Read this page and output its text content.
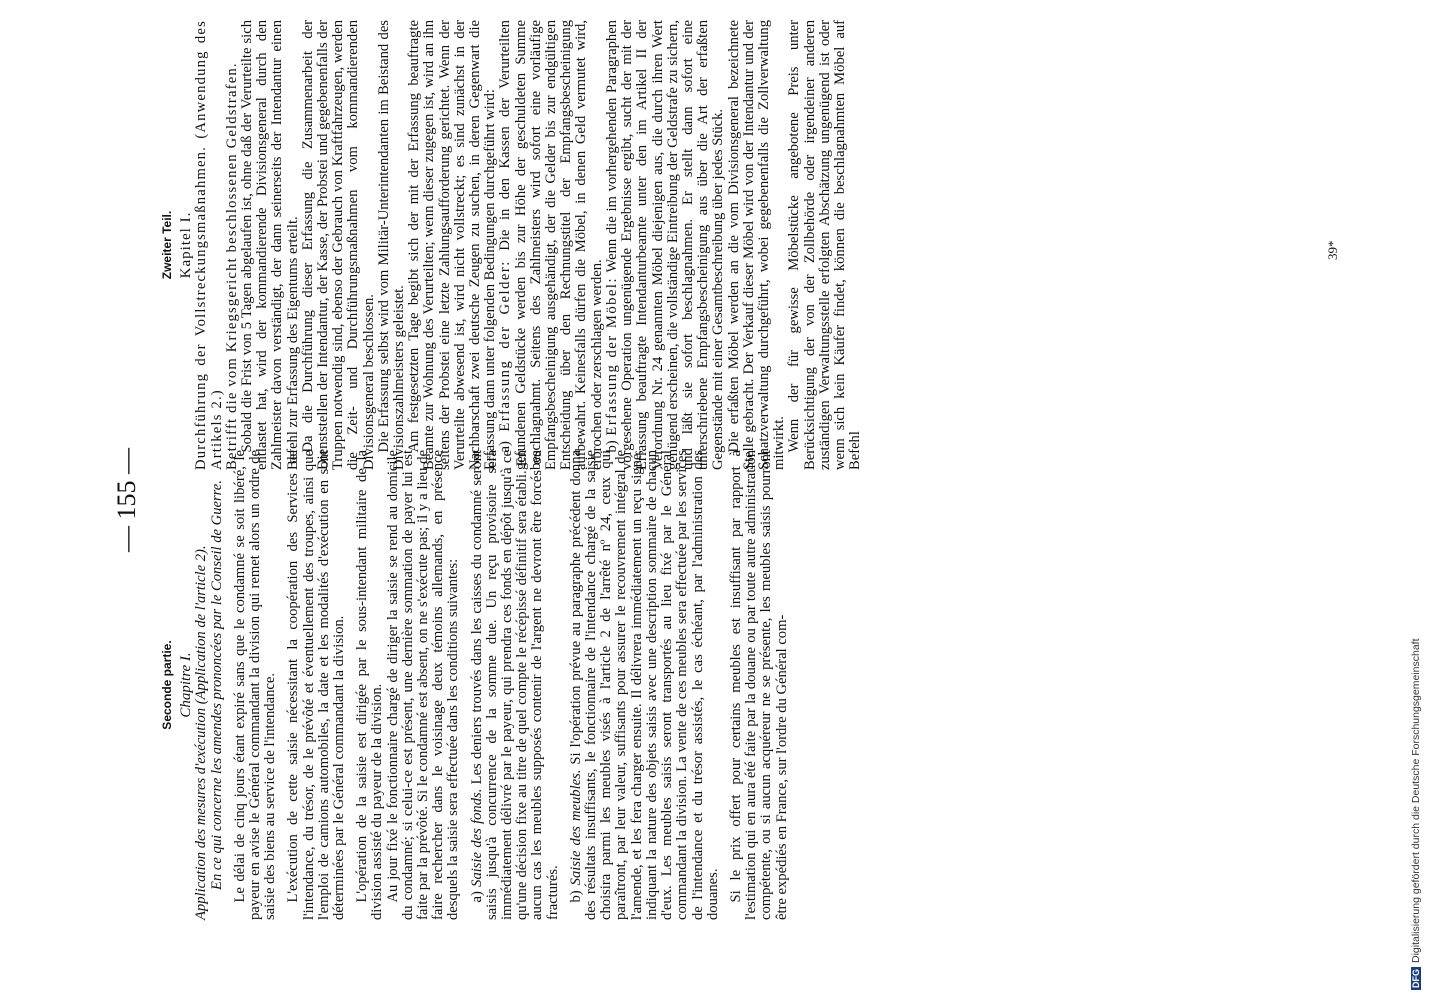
— 155 —
Seconde partie. Chapitre I. Application des mesures d'exécution (Application de l'article 2). En ce qui concerne les amendes prononcées par le Conseil de Guerre. Le délai de cinq jours étant expiré sans que le condamné se soit libéré, le payeur en avise le Général commandant la division qui remet alors un ordre de saisie des biens au service de l'intendance. L'exécution de cette saisie nécessitant la coopération des Services de l'intendance, du trésor, de le prévôté et éventuellement des troupes, ainsi que l'emploi de camions automobiles, la date et les modalités d'exécution en sont déterminées par le Général commandant la division. L'opération de la saisie est dirigée par le sous-intendant militaire de la division assisté du payeur de la division. Au jour fixé le fonctionnaire chargé de diriger la saisie se rend au domicile du condamné; si celui-ce est présent, une dernière sommation de payer lui est faite par la prévôté. Si le condamné est absent, on ne s'exécute pas; il y a lieu de faire rechercher dans le voisinage deux témoins allemands, en présence desquels la saisie sera effectuée dans les conditions suivantes: a) Saisie des fonds. Les deniers trouvés dans les caisses du condamné seront saisis jusqu'à concurrence de la somme due. Un reçu provisoire sera immédiatement délivré par le payeur, qui prendra ces fonds en dépôt jusqu'à ce qu'une décision fixe au titre de quel compte le récépissé définitif sera établi. En aucun cas les meubles supposés contenir de l'argent ne devront être forcés ou fracturés. b) Saisie des meubles. Si l'opération prévue au paragraphe précédent donna des résultats insuffisants, le fonctionnaire de l'intendance chargé de la saisie choisira parmi les meubles visés à l'article 2 de l'arrêté nº 24, ceux qui paraîtront, par leur valeur, suffisants pour assurer le recouvrement intégral de l'amende, et les fera charger ensuite. Il délivrera immédiatement un reçu signé, indiquant la nature des objets saisis avec une description sommaire de chacun d'eux. Les meubles saisis seront transportés au lieu fixé par le Général commandant la division. La vente de ces meubles sera effectuée par les services de l'intendance et du trésor assistés, le cas échéant, par l'administration des douanes. Si le prix offert pour certains meubles est insuffisant par rapport à l'estimation qui en aura été faite par la douane ou par toute autre administration compétente, ou si aucun acquéreur ne se présente, les meubles saisis pourront être expédiés en France, sur l'ordre du Général com-

Zweiter Teil. Kapitel I. Durchführung der Vollstreckungsmaßnahmen. (Anwendung des Artikels 2.) Betrifft die vom Kriegsgericht beschlossenen Geldstrafen. Sobald die Frist von 5 Tagen abgelaufen ist, ohne daß der Verurteilte sich entlastet hat, wird der kommandierende Divisionsgeneral durch den Zahlmeister davon verständigt, der dann seinerseits der Intendantur einen Befehl zur Erfassung des Eigentums erteilt. Da die Durchführung dieser Erfassung die Zusammenarbeit der Dienststellen der Intendantur, der Kasse, der Probstei und gegebenenfalls der Truppen notwendig sind, ebenso der Gebrauch von Kraftfahrzeugen, werden die Zeit- und Durchführungsmaßnahmen vom kommandierenden Divisionsgeneral beschlossen. Die Erfassung selbst wird vom Militär-Unterintendanten im Beistand des Divisionszahlmeisters geleistet. Am festgesetzten Tage begibt sich der mit der Erfassung beauftragte Beamte zur Wohnung des Verurteilten; wenn dieser zugegen ist, wird an ihn seitens der Probstei eine letzte Zahlungsaufforderung gerichtet. Wenn der Verurteilte abwesend ist, wird nicht vollstreckt; es sind zunächst in der Nachbarschaft zwei deutsche Zeugen zu suchen, in deren Gegenwart die Erfassung dann unter folgenden Bedingungen durchgeführt wird: a) Erfassung der Gelder: Die in den Kassen der Verurteilten gefundenen Geldstücke werden bis zur Höhe der geschuldeten Summe beschlagnahmt. Seitens des Zahlmeisters wird sofort eine vorläufige Empfangsbescheinigung ausgehändigt, der die Gelder bis zur endgültigen Entscheidung über den Rechnungstitel der Empfangsbescheinigung aufbewahrt. Keinesfalls dürfen die Möbel, in denen Geld vermutet wird, erbrochen oder zerschlagen werden. b) Erfassung der Möbel: Wenn die im vorhergehenden Paragraphen vorgesehene Operation ungenügende Ergebnisse ergibt, sucht der mit der Erfassung beauftragte Intendanturbeamte unter den im Artikel II der Verordnung Nr. 24 genannten Möbel diejenigen aus, die durch ihren Wert genügend erscheinen, die vollständige Eintreibung der Geldstrafe zu sichern, und läßt sie sofort beschlagnahmen. Er stellt dann sofort eine unterschriebene Empfangsbescheinigung aus über die Art der erfaßten Gegenstände mit einer Gesamtbeschreibung über jedes Stück. Die erfaßten Möbel werden an die vom Divisionsgeneral bezeichnete Stelle gebracht. Der Verkauf dieser Möbel wird von der Intendantur und der Schatzverwaltung durchgeführt, wobei gegebenenfalls die Zollverwaltung mitwirkt. Wenn der für gewisse Möbelstücke angebotene Preis unter Berücksichtigung der von der Zollbehörde oder irgendeiner anderen zuständigen Verwaltungsstelle erfolgten Abschätzung ungenügend ist oder wenn sich kein Käufer findet, können die beschlagnahmten Möbel auf Befehl

39*
DFGDigitalisierung gefördert durch die Deutsche Forschungsgemeinschaft
